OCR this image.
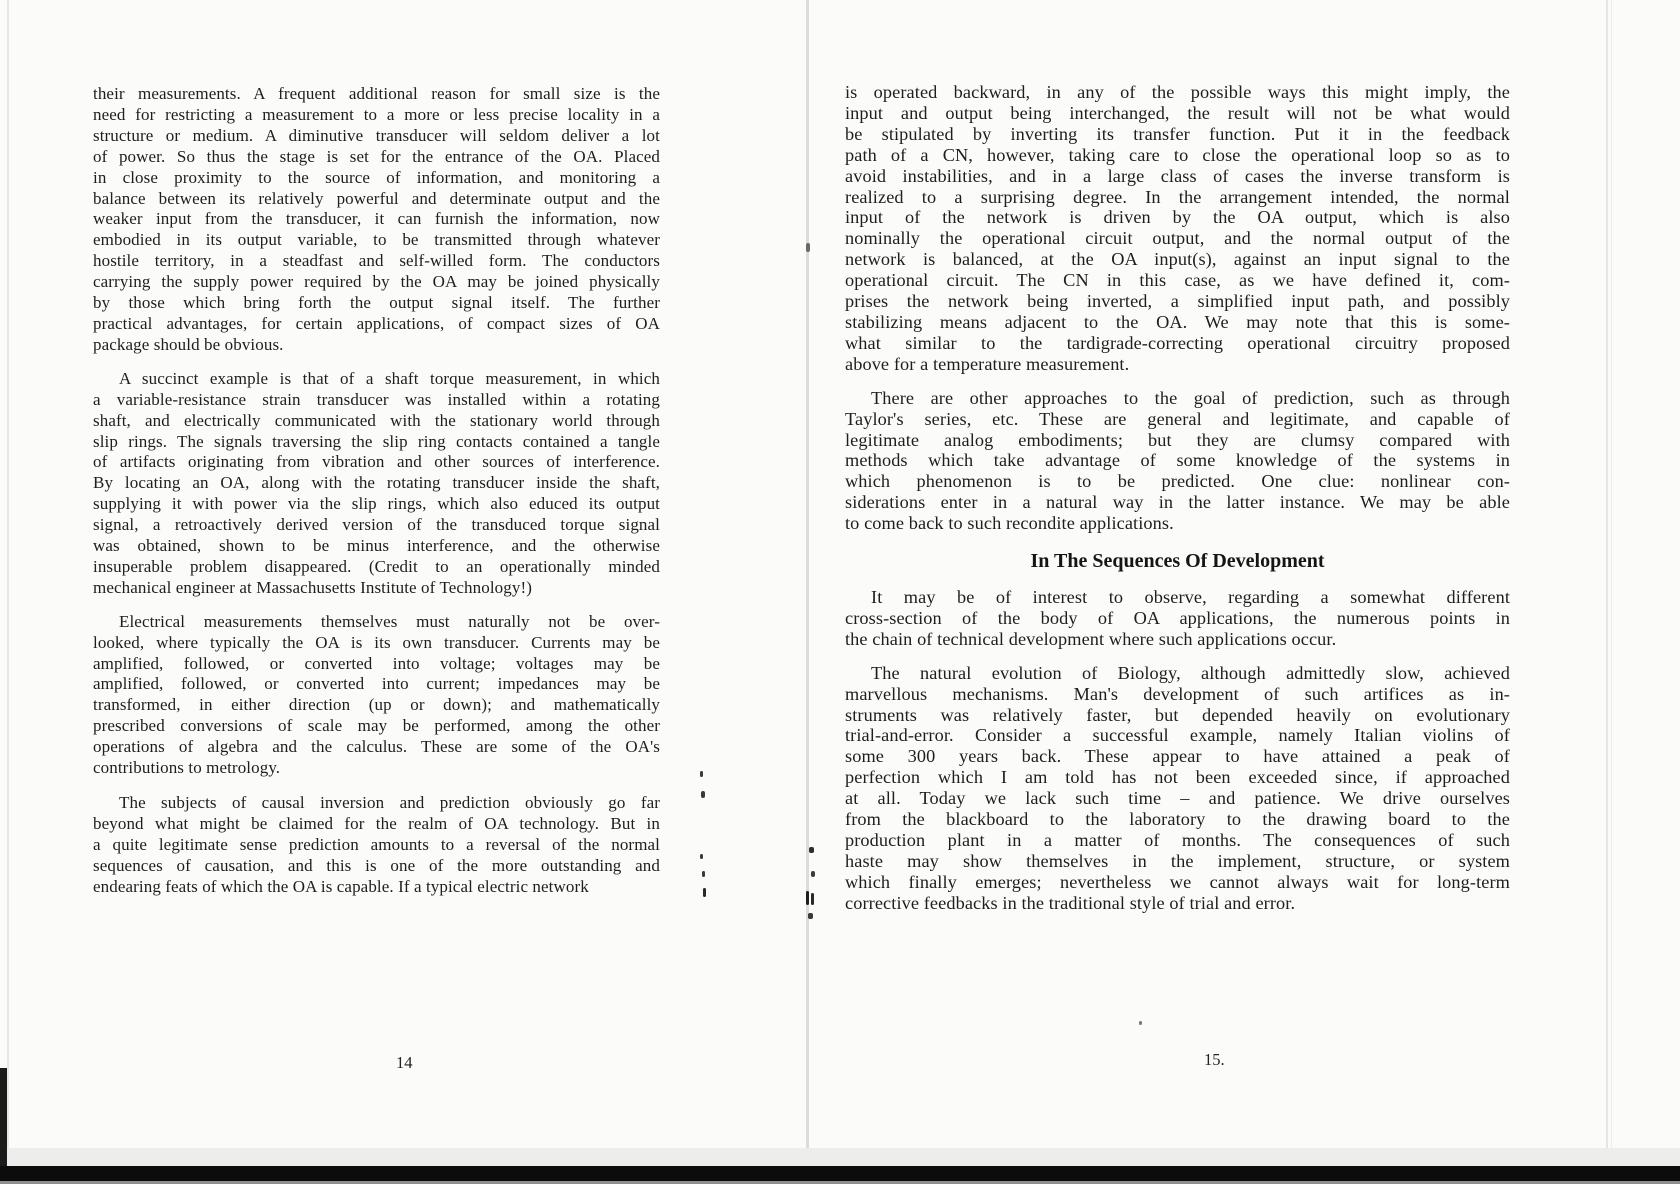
their measurements. A frequent additional reason for small size is the
need for restricting a measurement to a more or less precise locality in a
structure or medium. A diminutive transducer will seldom deliver a lot
of power. So thus the stage is set for the entrance of the OA. Placed
in close proximity to the source of information, and monitoring a
balance between its relatively powerful and determinate output and the
weaker input from the transducer, it can furnish the information, now
embodied in its output variable, to be transmitted through whatever
hostile territory, in a steadfast and self-willed form. The conductors
carrying the supply power required by the OA may be joined physically
by those which bring forth the output signal itself. The further
practical advantages, for certain applications, of compact sizes of OA
package should be obvious.
A succinct example is that of a shaft torque measurement, in which
a variable-resistance strain transducer was installed within a rotating
shaft, and electrically communicated with the stationary world through
slip rings. The signals traversing the slip ring contacts contained a tangle
of artifacts originating from vibration and other sources of interference.
By locating an OA, along with the rotating transducer inside the shaft,
supplying it with power via the slip rings, which also educed its output
signal, a retroactively derived version of the transduced torque signal
was obtained, shown to be minus interference, and the otherwise
insuperable problem disappeared. (Credit to an operationally minded
mechanical engineer at Massachusetts Institute of Technology!)
Electrical measurements themselves must naturally not be over-
looked, where typically the OA is its own transducer. Currents may be
amplified, followed, or converted into voltage; voltages may be
amplified, followed, or converted into current; impedances may be
transformed, in either direction (up or down); and mathematically
prescribed conversions of scale may be performed, among the other
operations of algebra and the calculus. These are some of the OA's
contributions to metrology.
The subjects of causal inversion and prediction obviously go far
beyond what might be claimed for the realm of OA technology. But in
a quite legitimate sense prediction amounts to a reversal of the normal
sequences of causation, and this is one of the more outstanding and
endearing feats of which the OA is capable. If a typical electric network
is operated backward, in any of the possible ways this might imply, the
input and output being interchanged, the result will not be what would
be stipulated by inverting its transfer function. Put it in the feedback
path of a CN, however, taking care to close the operational loop so as to
avoid instabilities, and in a large class of cases the inverse transform is
realized to a surprising degree. In the arrangement intended, the normal
input of the network is driven by the OA output, which is also
nominally the operational circuit output, and the normal output of the
network is balanced, at the OA input(s), against an input signal to the
operational circuit. The CN in this case, as we have defined it, com-
prises the network being inverted, a simplified input path, and possibly
stabilizing means adjacent to the OA. We may note that this is some-
what similar to the tardigrade-correcting operational circuitry proposed
above for a temperature measurement.
There are other approaches to the goal of prediction, such as through
Taylor's series, etc. These are general and legitimate, and capable of
legitimate analog embodiments; but they are clumsy compared with
methods which take advantage of some knowledge of the systems in
which phenomenon is to be predicted. One clue: nonlinear con-
siderations enter in a natural way in the latter instance. We may be able
to come back to such recondite applications.
In The Sequences Of Development
It may be of interest to observe, regarding a somewhat different
cross-section of the body of OA applications, the numerous points in
the chain of technical development where such applications occur.
The natural evolution of Biology, although admittedly slow, achieved
marvellous mechanisms. Man's development of such artifices as in-
struments was relatively faster, but depended heavily on evolutionary
trial-and-error. Consider a successful example, namely Italian violins of
some 300 years back. These appear to have attained a peak of
perfection which I am told has not been exceeded since, if approached
at all. Today we lack such time – and patience. We drive ourselves
from the blackboard to the laboratory to the drawing board to the
production plant in a matter of months. The consequences of such
haste may show themselves in the implement, structure, or system
which finally emerges; nevertheless we cannot always wait for long-term
corrective feedbacks in the traditional style of trial and error.
14	15.
